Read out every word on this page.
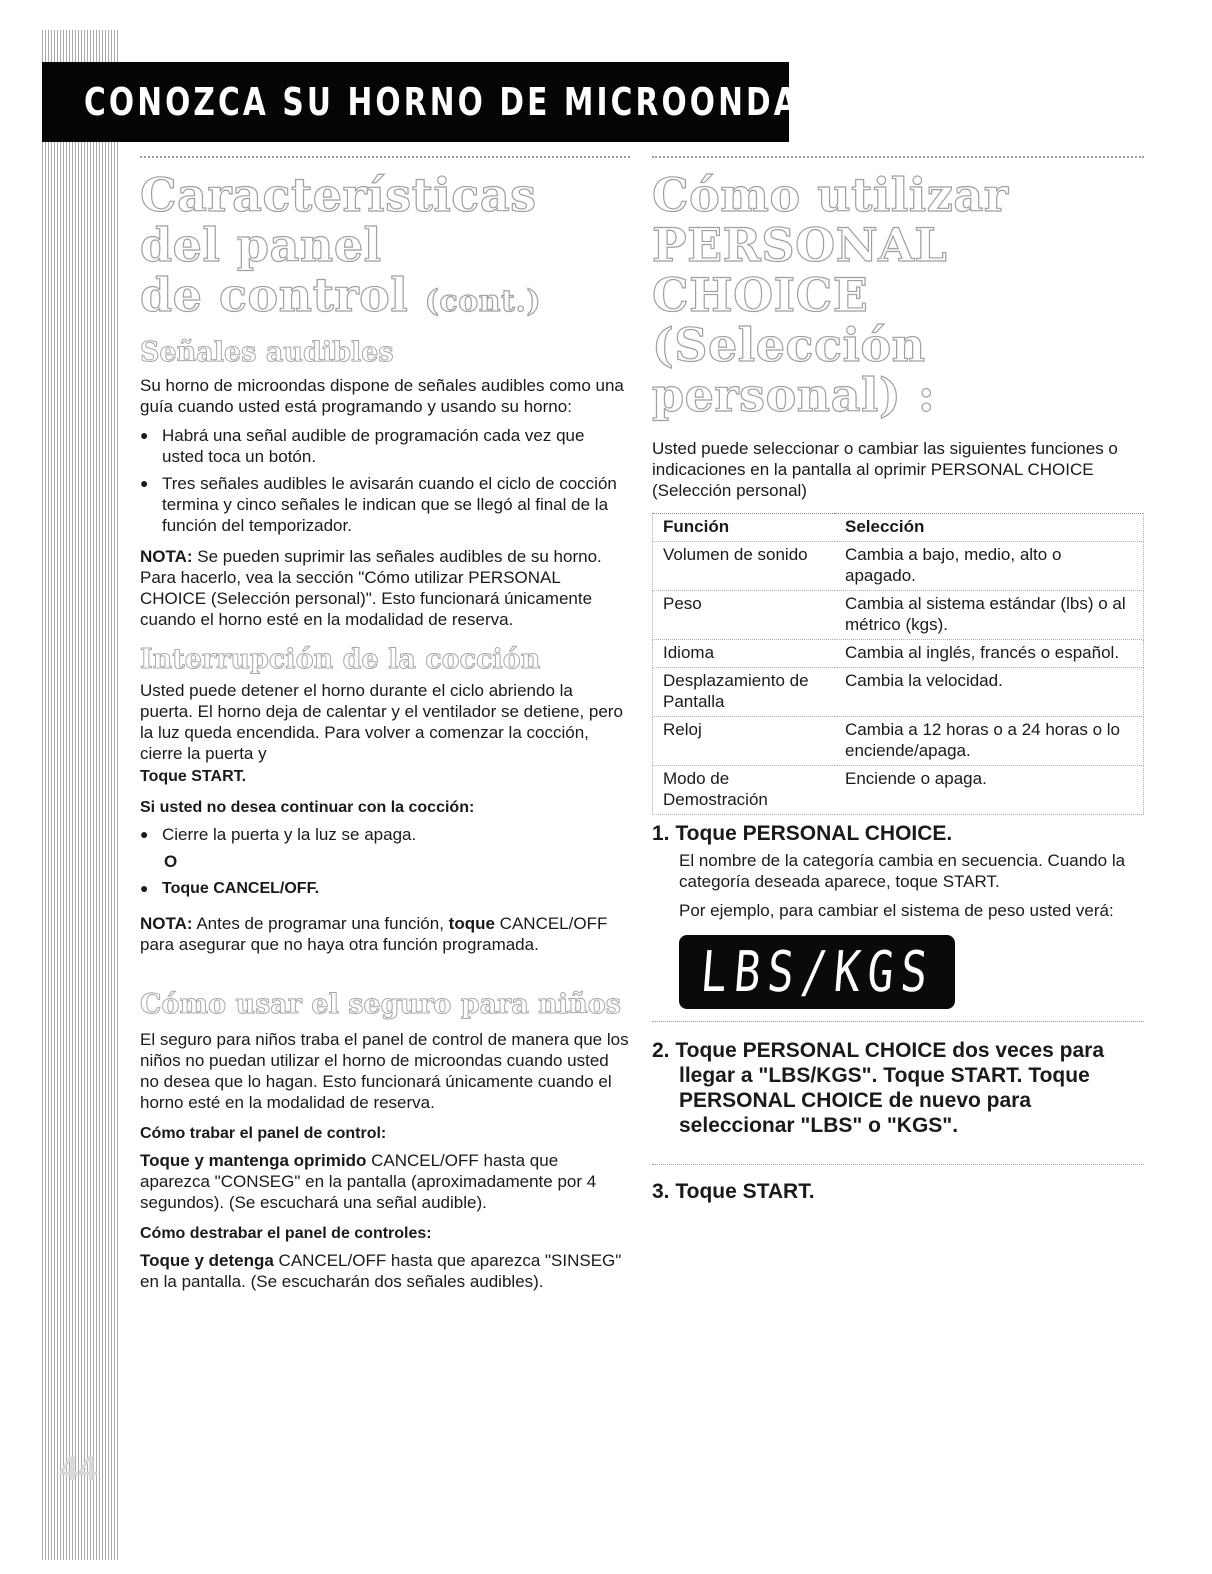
44
CONOZCA SU HORNO DE MICROONDAS
Características del panel
de control (cont.)
Señales audibles

Su horno de microondas dispone de señales audibles como una guía cuando usted está programando y usando su horno:

● Habrá una señal audible de programación cada vez que usted toca un botón.
● Tres señales audibles le avisarán cuando el ciclo de cocción termina y cinco señales le indican que se llegó al final de la función del temporizador.

NOTA: Se pueden suprimir las señales audibles de su horno. Para hacerlo, vea la sección "Cómo utilizar PERSONAL CHOICE (Selección personal)". Esto funcionará únicamente cuando el horno esté en la modalidad de reserva.

Interrupción de la cocción

Usted puede detener el horno durante el ciclo abriendo la puerta. El horno deja de calentar y el ventilador se detiene, pero la luz queda encendida. Para volver a comenzar la cocción, cierre la puerta y

Toque START.

Si usted no desea continuar con la cocción:

● Cierre la puerta y la luz se apaga.

O

● Toque CANCEL/OFF.

NOTA: Antes de programar una función, toque CANCEL/OFF para asegurar que no haya otra función programada.

Cómo usar el seguro para niños

El seguro para niños traba el panel de control de manera que los niños no puedan utilizar el horno de microondas cuando usted no desea que lo hagan. Esto funcionará únicamente cuando el horno esté en la modalidad de reserva.

Cómo trabar el panel de control:

Toque y mantenga oprimido CANCEL/OFF hasta que aparezca "CONSEG" en la pantalla (aproximadamente por 4 segundos). (Se escuchará una señal audible).

Cómo destrabar el panel de controles:

Toque y detenga CANCEL/OFF hasta que aparezca "SINSEG" en la pantalla. (Se escucharán dos señales audibles).

Cómo utilizar PERSONAL
CHOICE (Selección
personal) :

Usted puede seleccionar o cambiar las siguientes funciones o indicaciones en la pantalla al oprimir PERSONAL CHOICE (Selección personal)

Función	Selección
Volumen de sonido	Cambia a bajo, medio, alto o apagado.
Peso	Cambia al sistema estándar (lbs) o al métrico (kgs).
Idioma	Cambia al inglés, francés o español.
Desplazamiento de Pantalla	Cambia la velocidad.
Reloj	Cambia a 12 horas o a 24 horas o lo enciende/apaga.
Modo de Demostración	Enciende o apaga.

1. Toque PERSONAL CHOICE.

El nombre de la categoría cambia en secuencia. Cuando la categoría deseada aparece, toque START.

Por ejemplo, para cambiar el sistema de peso usted verá:

LBS/KGS

2. Toque PERSONAL CHOICE dos veces para llegar a "LBS/KGS". Toque START. Toque PERSONAL CHOICE de nuevo para seleccionar "LBS" o "KGS".

3. Toque START.
